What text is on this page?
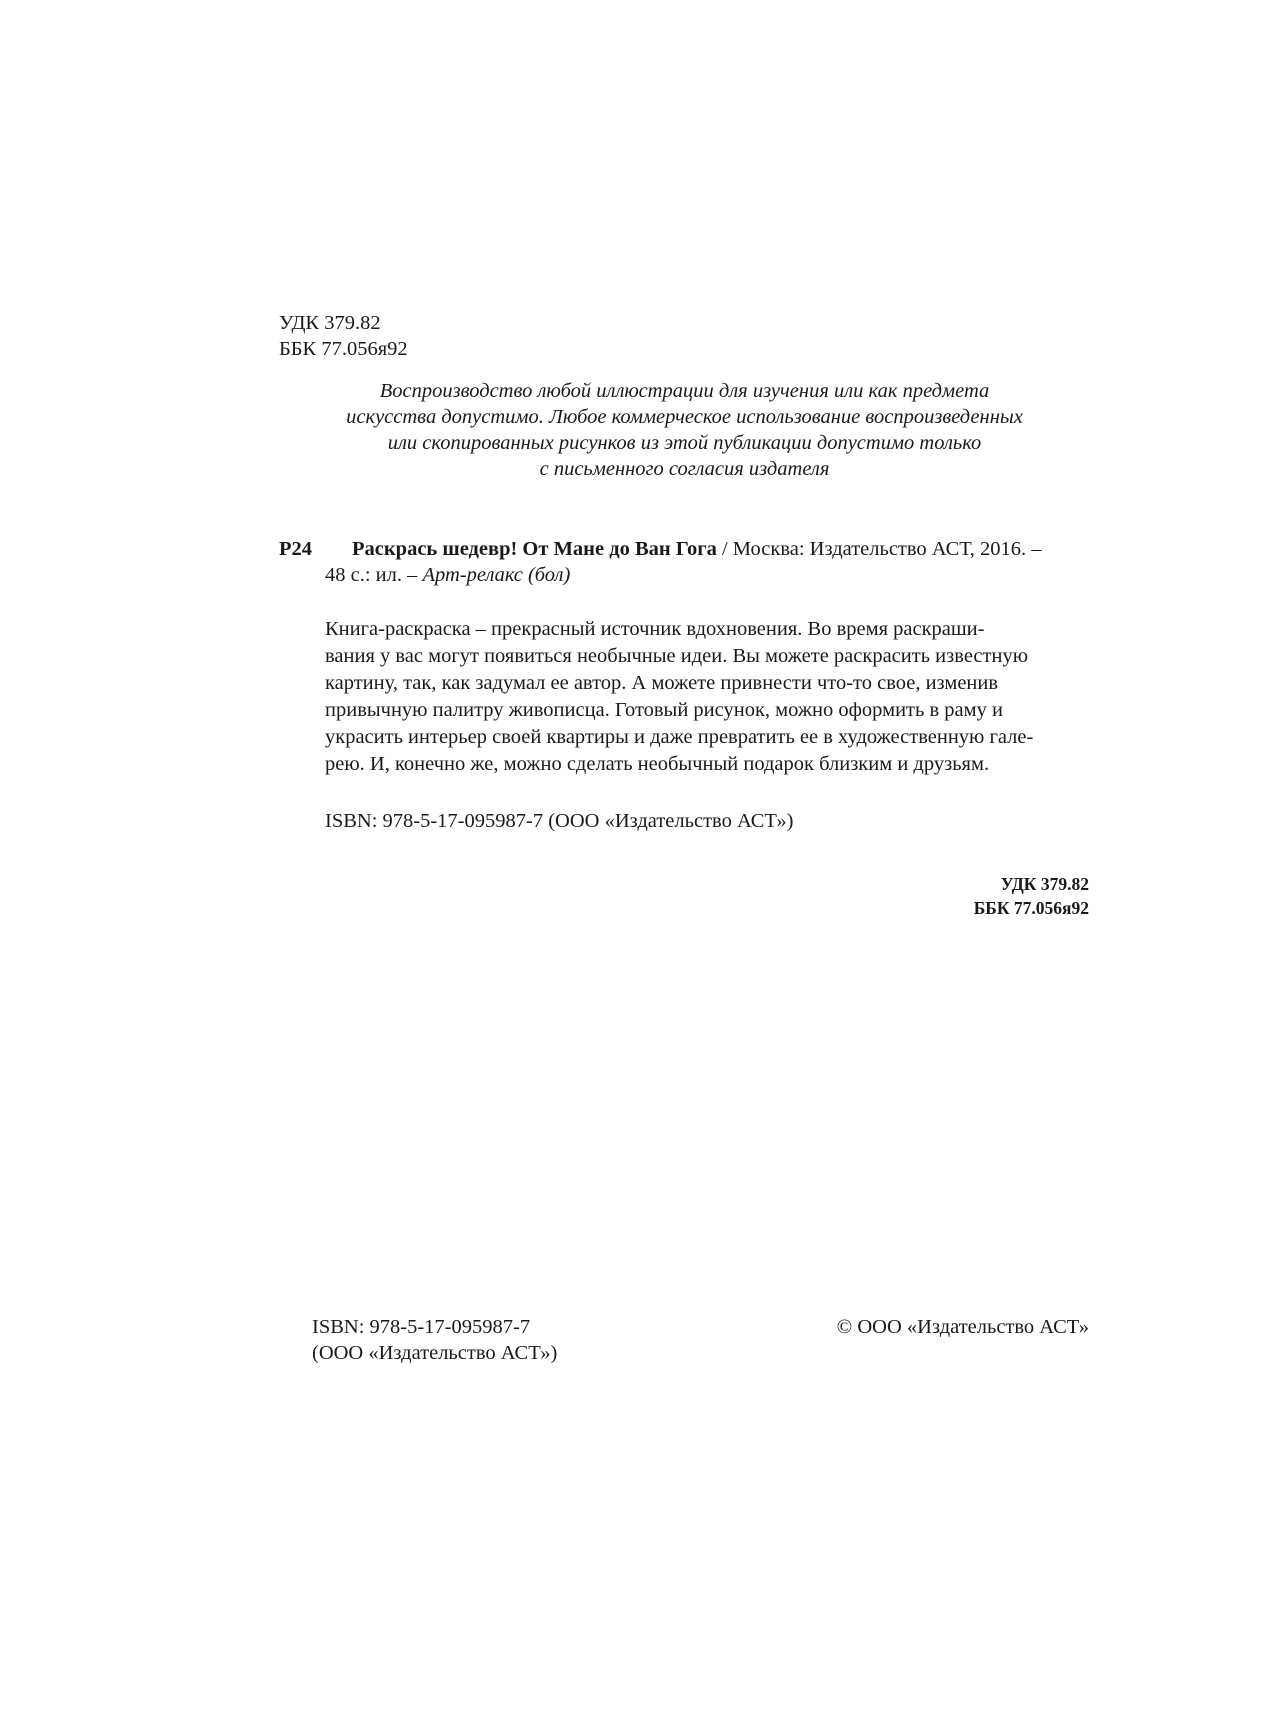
УДК 379.82
ББК 77.056я92
Воспроизводство любой иллюстрации для изучения или как предмета
искусства допустимо. Любое коммерческое использование воспроизведенных
или скопированных рисунков из этой публикации допустимо только
с письменного согласия издателя
Р24 Раскрась шедевр! От Мане до Ван Гога / Москва: Издательство АСТ, 2016. –
48 с.: ил. – Арт-релакс (бол)
Книга-раскраска – прекрасный источник вдохновения. Во время раскраши-
вания у вас могут появиться необычные идеи. Вы можете раскрасить известную
картину, так, как задумал ее автор. А можете привнести что-то свое, изменив
привычную палитру живописца. Готовый рисунок, можно оформить в раму и
украсить интерьер своей квартиры и даже превратить ее в художественную гале-
рею. И, конечно же, можно сделать необычный подарок близким и друзьям.
ISBN: 978-5-17-095987-7 (ООО «Издательство АСТ»)
УДК 379.82
ББК 77.056я92
ISBN: 978-5-17-095987-7
(ООО «Издательство АСТ»)
© ООО «Издательство АСТ»
